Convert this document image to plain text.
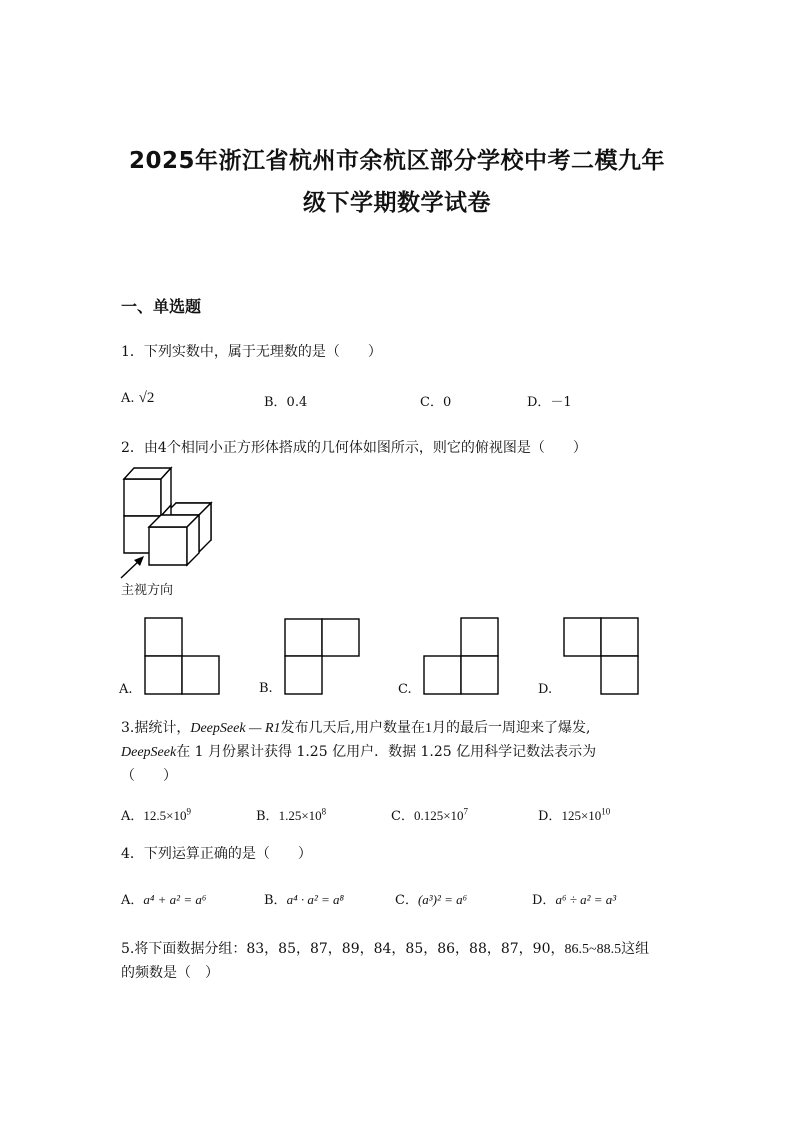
2025年浙江省杭州市余杭区部分学校中考二模九年
级下学期数学试卷
一、单选题
1．下列实数中，属于无理数的是（　　）
A. √2	B．0.4	C．0	D．－1
2．由4个相同小正方形体搭成的几何体如图所示，则它的俯视图是（　　）
主视方向
A.	B.	C.	D.
3.据统计，DeepSeek — R1发布几天后,用户数量在1月的最后一周迎来了爆发,
DeepSeek在 1 月份累计获得 1.25 亿用户．数据 1.25 亿用科学记数法表示为
（　　）
A．$12.5\times 10^9$	B．$1.25\times 10^8$	C．$0.125\times 10^7$	D．$125\times 10^{10}$
4．下列运算正确的是（　　）
A．a⁴ + a² = a⁶	B．a⁴ · a² = a⁸	C．(a³)² = a⁶	D．a⁶ ÷ a² = a³
5.将下面数据分组：83，85，87，89，84，85，86，88，87，90，86.5~88.5这组
的频数是（　）
